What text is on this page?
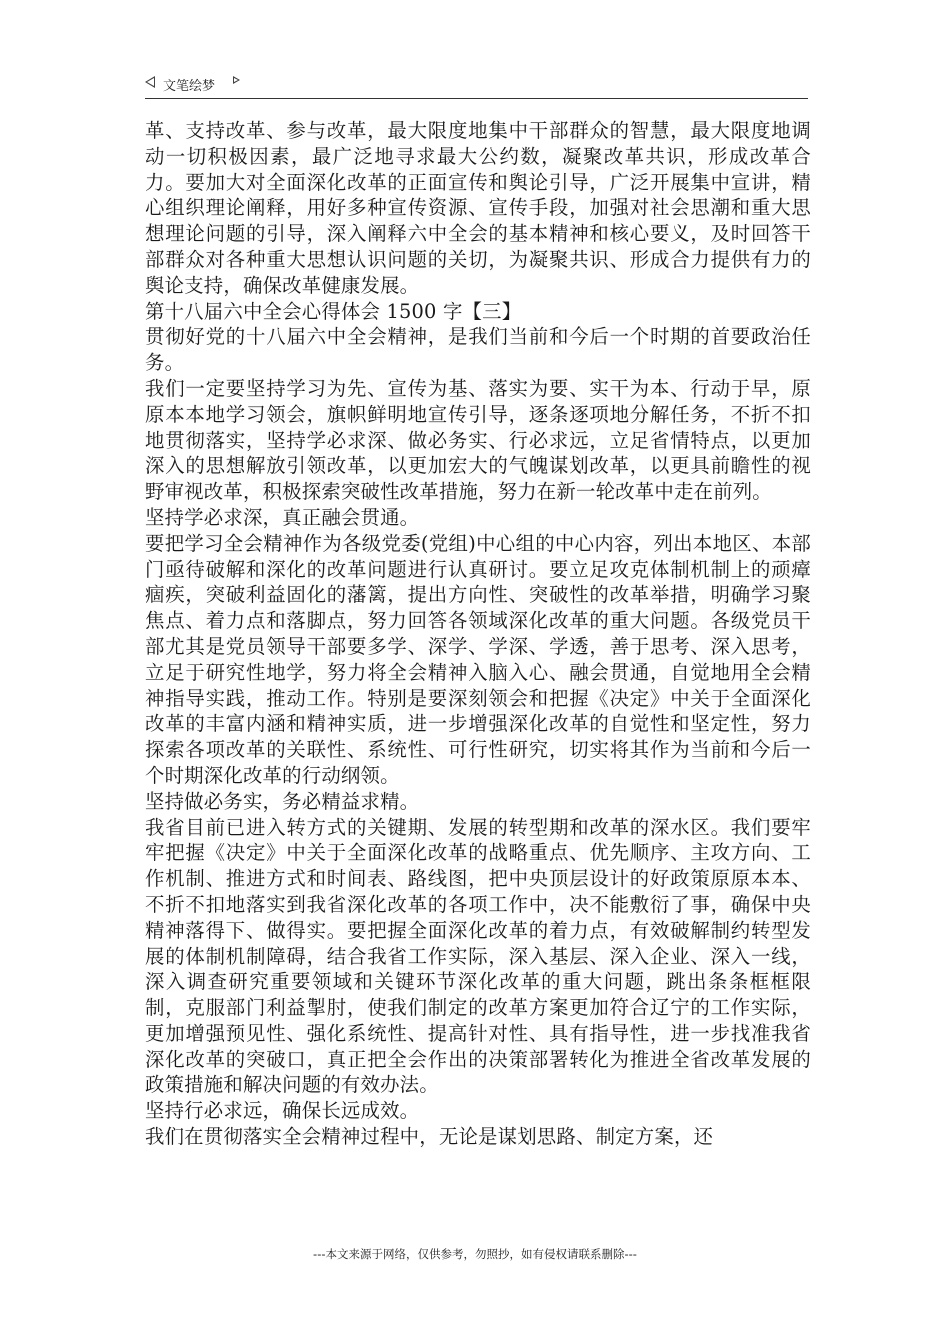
文笔绘梦

革、支持改革、参与改革，最大限度地集中干部群众的智慧，最大限度地调动一切积极因素，最广泛地寻求最大公约数，凝聚改革共识，形成改革合力。要加大对全面深化改革的正面宣传和舆论引导，广泛开展集中宣讲，精心组织理论阐释，用好多种宣传资源、宣传手段，加强对社会思潮和重大思想理论问题的引导，深入阐释六中全会的基本精神和核心要义，及时回答干部群众对各种重大思想认识问题的关切，为凝聚共识、形成合力提供有力的舆论支持，确保改革健康发展。

第十八届六中全会心得体会 1500 字【三】

贯彻好党的十八届六中全会精神，是我们当前和今后一个时期的首要政治任务。

我们一定要坚持学习为先、宣传为基、落实为要、实干为本、行动于早，原原本本地学习领会，旗帜鲜明地宣传引导，逐条逐项地分解任务，不折不扣地贯彻落实，坚持学必求深、做必务实、行必求远，立足省情特点，以更加深入的思想解放引领改革，以更加宏大的气魄谋划改革，以更具前瞻性的视野审视改革，积极探索突破性改革措施，努力在新一轮改革中走在前列。

坚持学必求深，真正融会贯通。

要把学习全会精神作为各级党委(党组)中心组的中心内容，列出本地区、本部门亟待破解和深化的改革问题进行认真研讨。要立足攻克体制机制上的顽瘴痼疾，突破利益固化的藩篱，提出方向性、突破性的改革举措，明确学习聚焦点、着力点和落脚点，努力回答各领域深化改革的重大问题。各级党员干部尤其是党员领导干部要多学、深学、学深、学透，善于思考、深入思考，立足于研究性地学，努力将全会精神入脑入心、融会贯通，自觉地用全会精神指导实践，推动工作。特别是要深刻领会和把握《决定》中关于全面深化改革的丰富内涵和精神实质，进一步增强深化改革的自觉性和坚定性，努力探索各项改革的关联性、系统性、可行性研究，切实将其作为当前和今后一个时期深化改革的行动纲领。

坚持做必务实，务必精益求精。

我省目前已进入转方式的关键期、发展的转型期和改革的深水区。我们要牢牢把握《决定》中关于全面深化改革的战略重点、优先顺序、主攻方向、工作机制、推进方式和时间表、路线图，把中央顶层设计的好政策原原本本、不折不扣地落实到我省深化改革的各项工作中，决不能敷衍了事，确保中央精神落得下、做得实。要把握全面深化改革的着力点，有效破解制约转型发展的体制机制障碍，结合我省工作实际，深入基层、深入企业、深入一线，深入调查研究重要领域和关键环节深化改革的重大问题，跳出条条框框限制，克服部门利益掣肘，使我们制定的改革方案更加符合辽宁的工作实际，更加增强预见性、强化系统性、提高针对性、具有指导性，进一步找准我省深化改革的突破口，真正把全会作出的决策部署转化为推进全省改革发展的政策措施和解决问题的有效办法。

坚持行必求远，确保长远成效。

我们在贯彻落实全会精神过程中，无论是谋划思路、制定方案，还

---本文来源于网络，仅供参考，勿照抄，如有侵权请联系删除---
